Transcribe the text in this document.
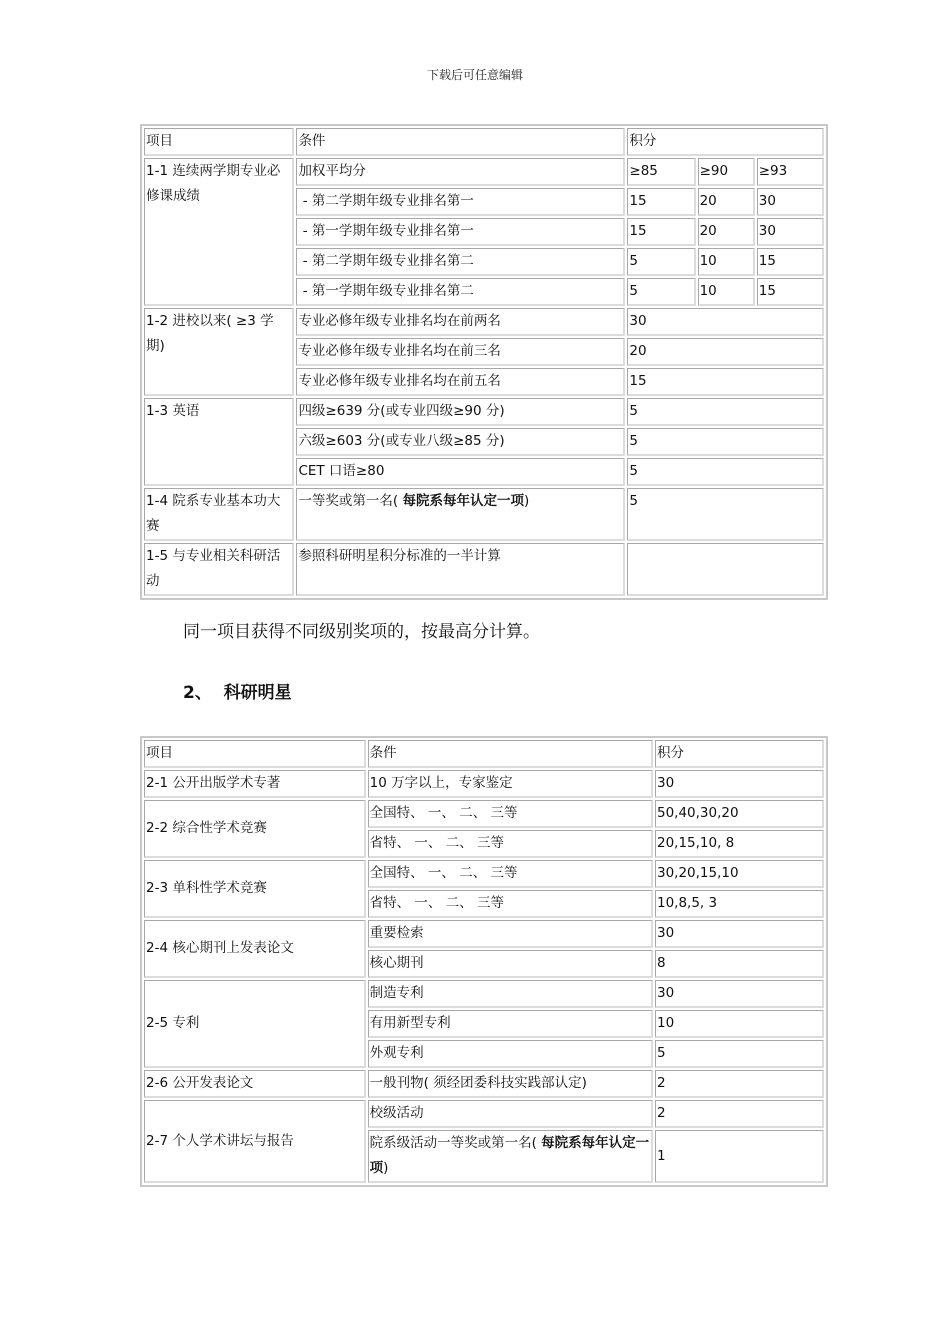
下载后可任意编辑
项目	条件	积分		
1-1 连续两学期专业必修课成绩	加权平均分	≥85	≥90	≥93
	- 第二学期年级专业排名第一	15	20	30
	- 第一学期年级专业排名第一	15	20	30
	- 第二学期年级专业排名第二	5	10	15
	- 第一学期年级专业排名第二	5	10	15
1-2 进校以来( ≥3 学期)	专业必修年级专业排名均在前两名	30		
	专业必修年级专业排名均在前三名	20		
	专业必修年级专业排名均在前五名	15		
1-3 英语	四级≥639 分(或专业四级≥90 分)	5		
	六级≥603 分(或专业八级≥85 分)	5		
	CET 口语≥80	5		
1-4 院系专业基本功大赛	一等奖或第一名( 每院系每年认定一项)	5		
1-5 与专业相关科研活动	参照科研明星积分标准的一半计算			
同一项目获得不同级别奖项的，按最高分计算。
2、 科研明星
项目	条件	积分
2-1 公开出版学术专著	10 万字以上，专家鉴定	30
2-2 综合性学术竞赛	全国特、 一、 二、 三等	50,40,30,20
	省特、 一、 二、 三等	20,15,10, 8
2-3 单科性学术竞赛	全国特、 一、 二、 三等	30,20,15,10
	省特、 一、 二、 三等	10,8,5, 3
2-4 核心期刊上发表论文	重要检索	30
	核心期刊	8
2-5 专利	制造专利	30
	有用新型专利	10
	外观专利	5
2-6 公开发表论文	一般刊物( 须经团委科技实践部认定)	2
2-7 个人学术讲坛与报告	校级活动	2
	院系级活动一等奖或第一名( 每院系每年认定一项)	1
